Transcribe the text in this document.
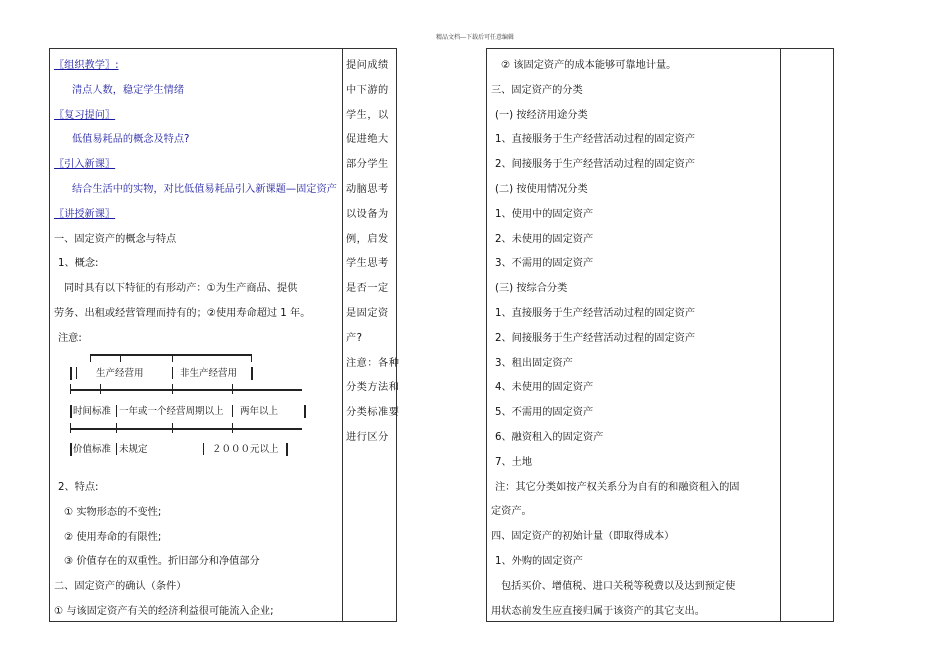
精品文档---下载后可任意编辑
〖组织教学〗:
清点人数，稳定学生情绪
〖复习提问〗
低值易耗品的概念及特点?
〖引入新课〗
结合生活中的实物，对比低值易耗品引入新课题—固定资产
〖讲授新课〗
一、固定资产的概念与特点
1、概念:
同时具有以下特征的有形动产：①为生产商品、提供
劳务、出租或经营管理而持有的；②使用寿命超过 1 年。
注意:
2、特点:
① 实物形态的不变性;
② 使用寿命的有限性;
③ 价值存在的双重性。折旧部分和净值部分
二、固定资产的确认（条件）
① 与该固定资产有关的经济利益很可能流入企业;
提问成绩
中下游的
学生，以
促进绝大
部分学生
动脑思考
以设备为
例，启发
学生思考
是否一定
是固定资
产?
注意：各种
分类方法和
分类标准要
进行区分
生产经营用	非生产经营用
时间标准 一年或一个经营周期以上 两年以上
价值标准 未规定	２０００元以上
② 该固定资产的成本能够可靠地计量。
三、固定资产的分类
(一) 按经济用途分类
1、直接服务于生产经营活动过程的固定资产
2、间接服务于生产经营活动过程的固定资产
(二) 按使用情况分类
1、使用中的固定资产
2、未使用的固定资产
3、不需用的固定资产
(三) 按综合分类
1、直接服务于生产经营活动过程的固定资产
2、间接服务于生产经营活动过程的固定资产
3、租出固定资产
4、未使用的固定资产
5、不需用的固定资产
6、融资租入的固定资产
7、土地
注：其它分类如按产权关系分为自有的和融资租入的固
定资产。
四、固定资产的初始计量（即取得成本）
1、外购的固定资产
包括买价、增值税、进口关税等税费以及达到预定使
用状态前发生应直接归属于该资产的其它支出。
